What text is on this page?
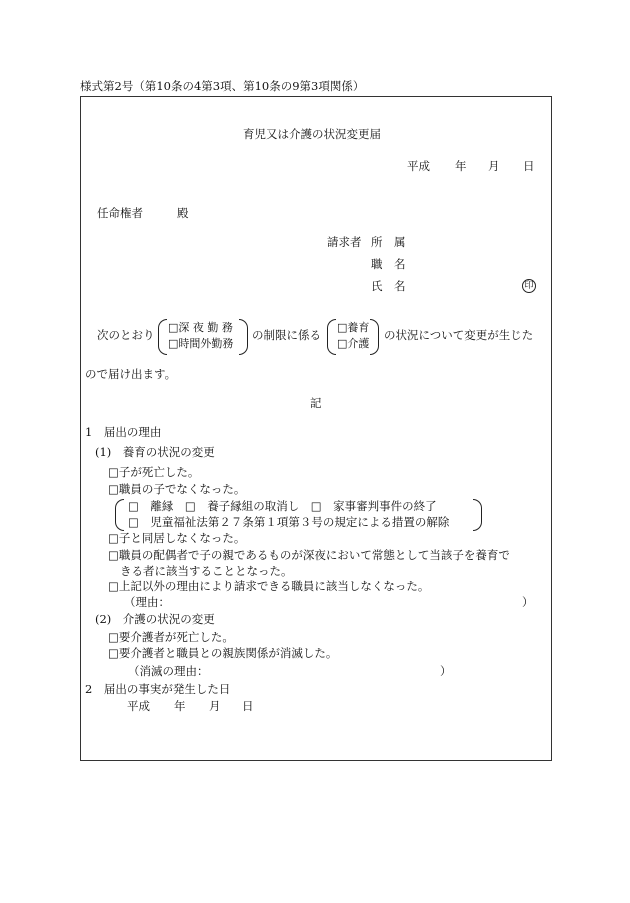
様式第2号（第10条の4第3項、第10条の9第3項関係）
育児又は介護の状況変更届
平成 年 月 日
任命権者	殿
請求者 所　属
職　名
氏　名	印
次のとおり
□深 夜 勤 務
□時間外勤務
の制限に係る
□養育
□介護
の状況について変更が生じた
ので届け出ます。
記
1　届出の理由
(1)　養育の状況の変更
□子が死亡した。
□職員の子でなくなった。
□　離縁　□　養子縁組の取消し　□　家事審判事件の終了
□　児童福祉法第２７条第１項第３号の規定による措置の解除
□子と同居しなくなった。
□職員の配偶者で子の親であるものが深夜において常態として当該子を養育で
きる者に該当することとなった。
□上記以外の理由により請求できる職員に該当しなくなった。
（理由：	）
(2)　介護の状況の変更
□要介護者が死亡した。
□要介護者と職員との親族関係が消滅した。
（消滅の理由：	）
2　届出の事実が発生した日
平成 年 月 日
